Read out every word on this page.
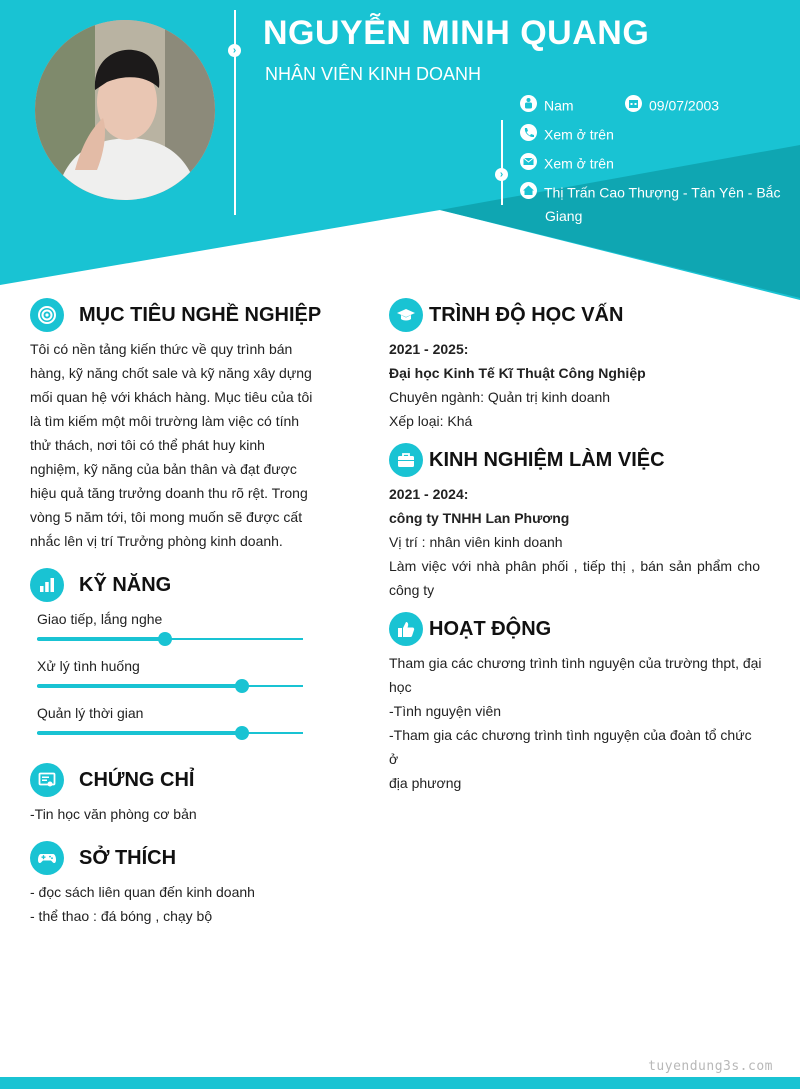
›
›
NGUYỄN MINH QUANG
NHÂN VIÊN KINH DOANH
Nam	09/07/2003
Xem ở trên
Xem ở trên
Thị Trấn Cao Thượng - Tân Yên - Bắc
Giang
MỤC TIÊU NGHỀ NGHIỆP
Tôi có nền tảng kiến thức về quy trình bán
hàng, kỹ năng chốt sale và kỹ năng xây dựng
mối quan hệ với khách hàng. Mục tiêu của tôi
là tìm kiếm một môi trường làm việc có tính
thử thách, nơi tôi có thể phát huy kinh
nghiệm, kỹ năng của bản thân và đạt được
hiệu quả tăng trưởng doanh thu rõ rệt. Trong
vòng 5 năm tới, tôi mong muốn sẽ được cất
nhắc lên vị trí Trưởng phòng kinh doanh.
KỸ NĂNG
Giao tiếp, lắng nghe
Xử lý tình huống
Quản lý thời gian
CHỨNG CHỈ
-Tin học văn phòng cơ bản
SỞ THÍCH
- đọc sách liên quan đến kinh doanh
- thể thao : đá bóng , chạy bộ
TRÌNH ĐỘ HỌC VẤN
2021 - 2025:
Đại học Kinh Tế Kĩ Thuật Công Nghiệp
Chuyên ngành: Quản trị kinh doanh
Xếp loại: Khá
KINH NGHIỆM LÀM VIỆC
2021 - 2024:
công ty TNHH Lan Phương
Vị trí : nhân viên kinh doanh
Làm việc với nhà phân phối , tiếp thị , bán sản phẩm cho
công ty
HOẠT ĐỘNG
Tham gia các chương trình tình nguyện của trường thpt, đại
học
-Tình nguyện viên
-Tham gia các chương trình tình nguyện của đoàn tổ chức ở
địa phương
tuyendung3s.com
